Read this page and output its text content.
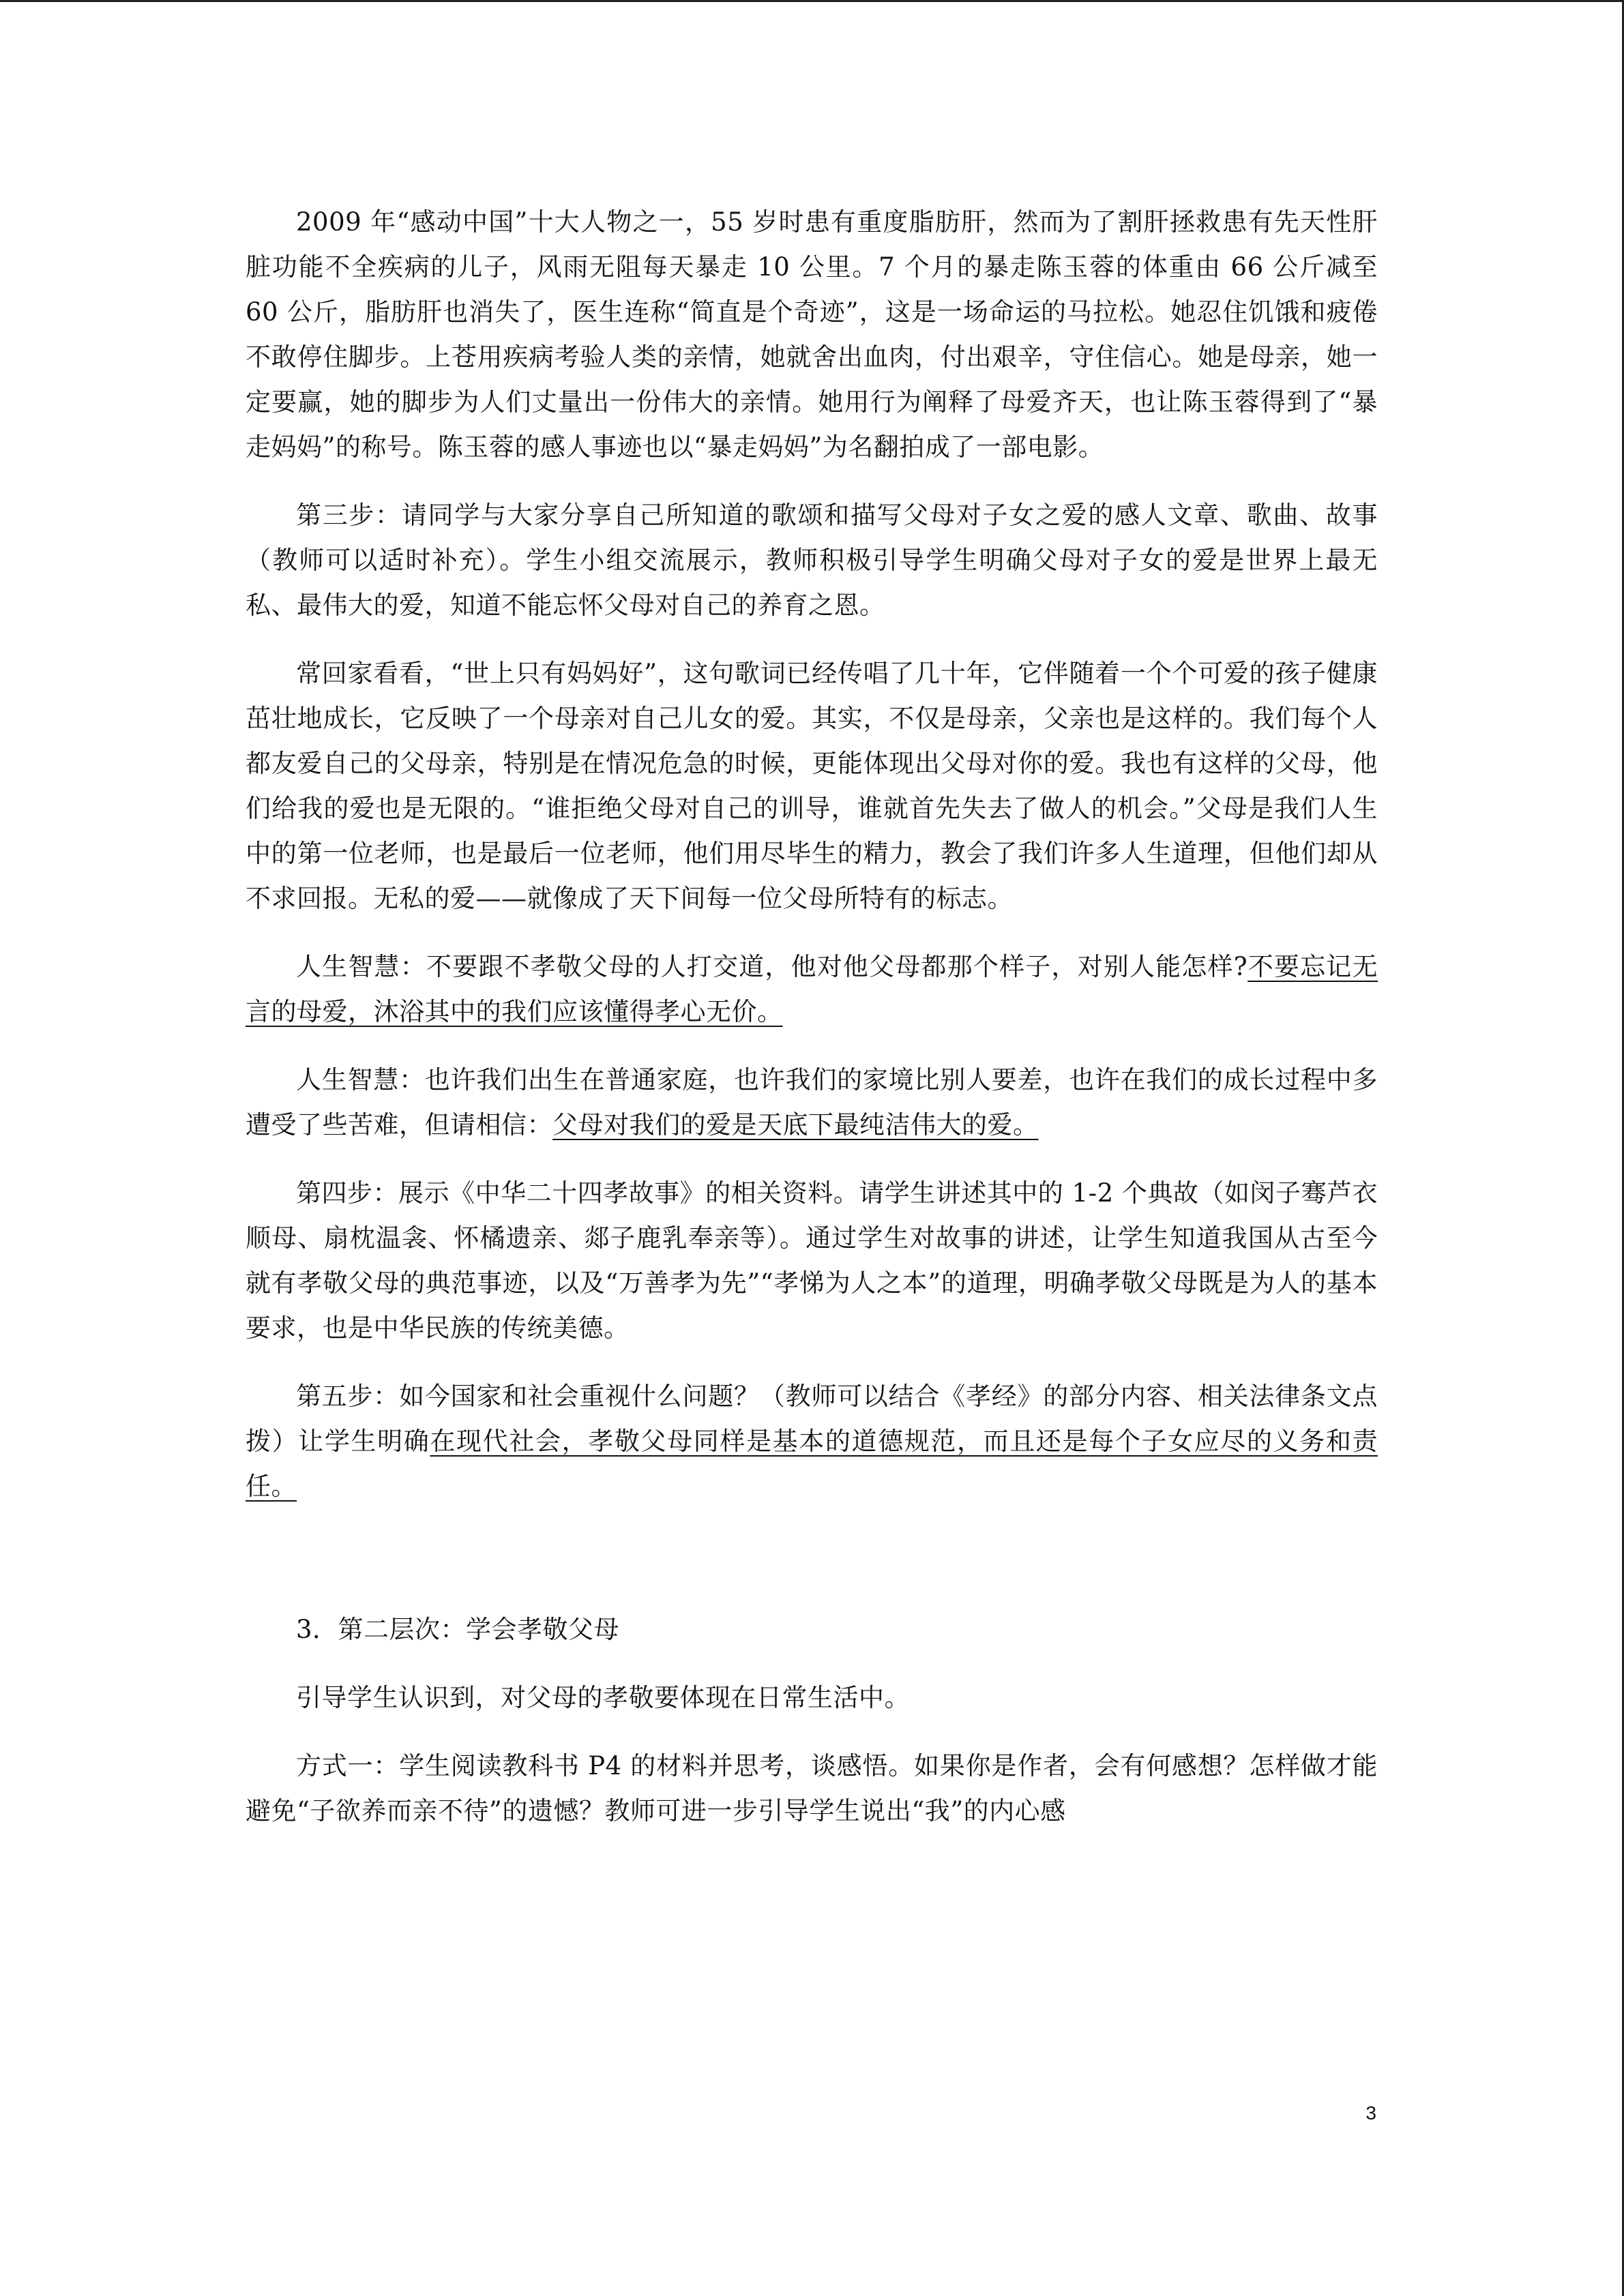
2009 年“感动中国”十大人物之一，55 岁时患有重度脂肪肝，然而为了割肝拯救患有先天性肝脏功能不全疾病的儿子，风雨无阻每天暴走 10 公里。7 个月的暴走陈玉蓉的体重由 66 公斤减至 60 公斤，脂肪肝也消失了，医生连称“简直是个奇迹”，这是一场命运的马拉松。她忍住饥饿和疲倦不敢停住脚步。上苍用疾病考验人类的亲情，她就舍出血肉，付出艰辛，守住信心。她是母亲，她一定要赢，她的脚步为人们丈量出一份伟大的亲情。她用行为阐释了母爱齐天，也让陈玉蓉得到了“暴走妈妈”的称号。陈玉蓉的感人事迹也以“暴走妈妈”为名翻拍成了一部电影。

第三步：请同学与大家分享自己所知道的歌颂和描写父母对子女之爱的感人文章、歌曲、故事（教师可以适时补充）。学生小组交流展示，教师积极引导学生明确父母对子女的爱是世界上最无私、最伟大的爱，知道不能忘怀父母对自己的养育之恩。

常回家看看，“世上只有妈妈好”，这句歌词已经传唱了几十年，它伴随着一个个可爱的孩子健康茁壮地成长，它反映了一个母亲对自己儿女的爱。其实，不仅是母亲，父亲也是这样的。我们每个人都友爱自己的父母亲，特别是在情况危急的时候，更能体现出父母对你的爱。我也有这样的父母，他们给我的爱也是无限的。“谁拒绝父母对自己的训导，谁就首先失去了做人的机会。”父母是我们人生中的第一位老师，也是最后一位老师，他们用尽毕生的精力，教会了我们许多人生道理，但他们却从不求回报。无私的爱——就像成了天下间每一位父母所特有的标志。

人生智慧：不要跟不孝敬父母的人打交道，他对他父母都那个样子，对别人能怎样?不要忘记无言的母爱，沐浴其中的我们应该懂得孝心无价。

人生智慧：也许我们出生在普通家庭，也许我们的家境比别人要差，也许在我们的成长过程中多遭受了些苦难，但请相信：父母对我们的爱是天底下最纯洁伟大的爱。

第四步：展示《中华二十四孝故事》的相关资料。请学生讲述其中的 1-2 个典故（如闵子骞芦衣顺母、扇枕温衾、怀橘遗亲、郯子鹿乳奉亲等）。通过学生对故事的讲述，让学生知道我国从古至今就有孝敬父母的典范事迹，以及“万善孝为先”“孝悌为人之本”的道理，明确孝敬父母既是为人的基本要求，也是中华民族的传统美德。

第五步：如今国家和社会重视什么问题？（教师可以结合《孝经》的部分内容、相关法律条文点拨）让学生明确在现代社会，孝敬父母同样是基本的道德规范，而且还是每个子女应尽的义务和责任。

3．第二层次：学会孝敬父母

引导学生认识到，对父母的孝敬要体现在日常生活中。

方式一：学生阅读教科书 P4 的材料并思考，谈感悟。如果你是作者，会有何感想？怎样做才能避免“子欲养而亲不待”的遗憾？教师可进一步引导学生说出“我”的内心感

3
